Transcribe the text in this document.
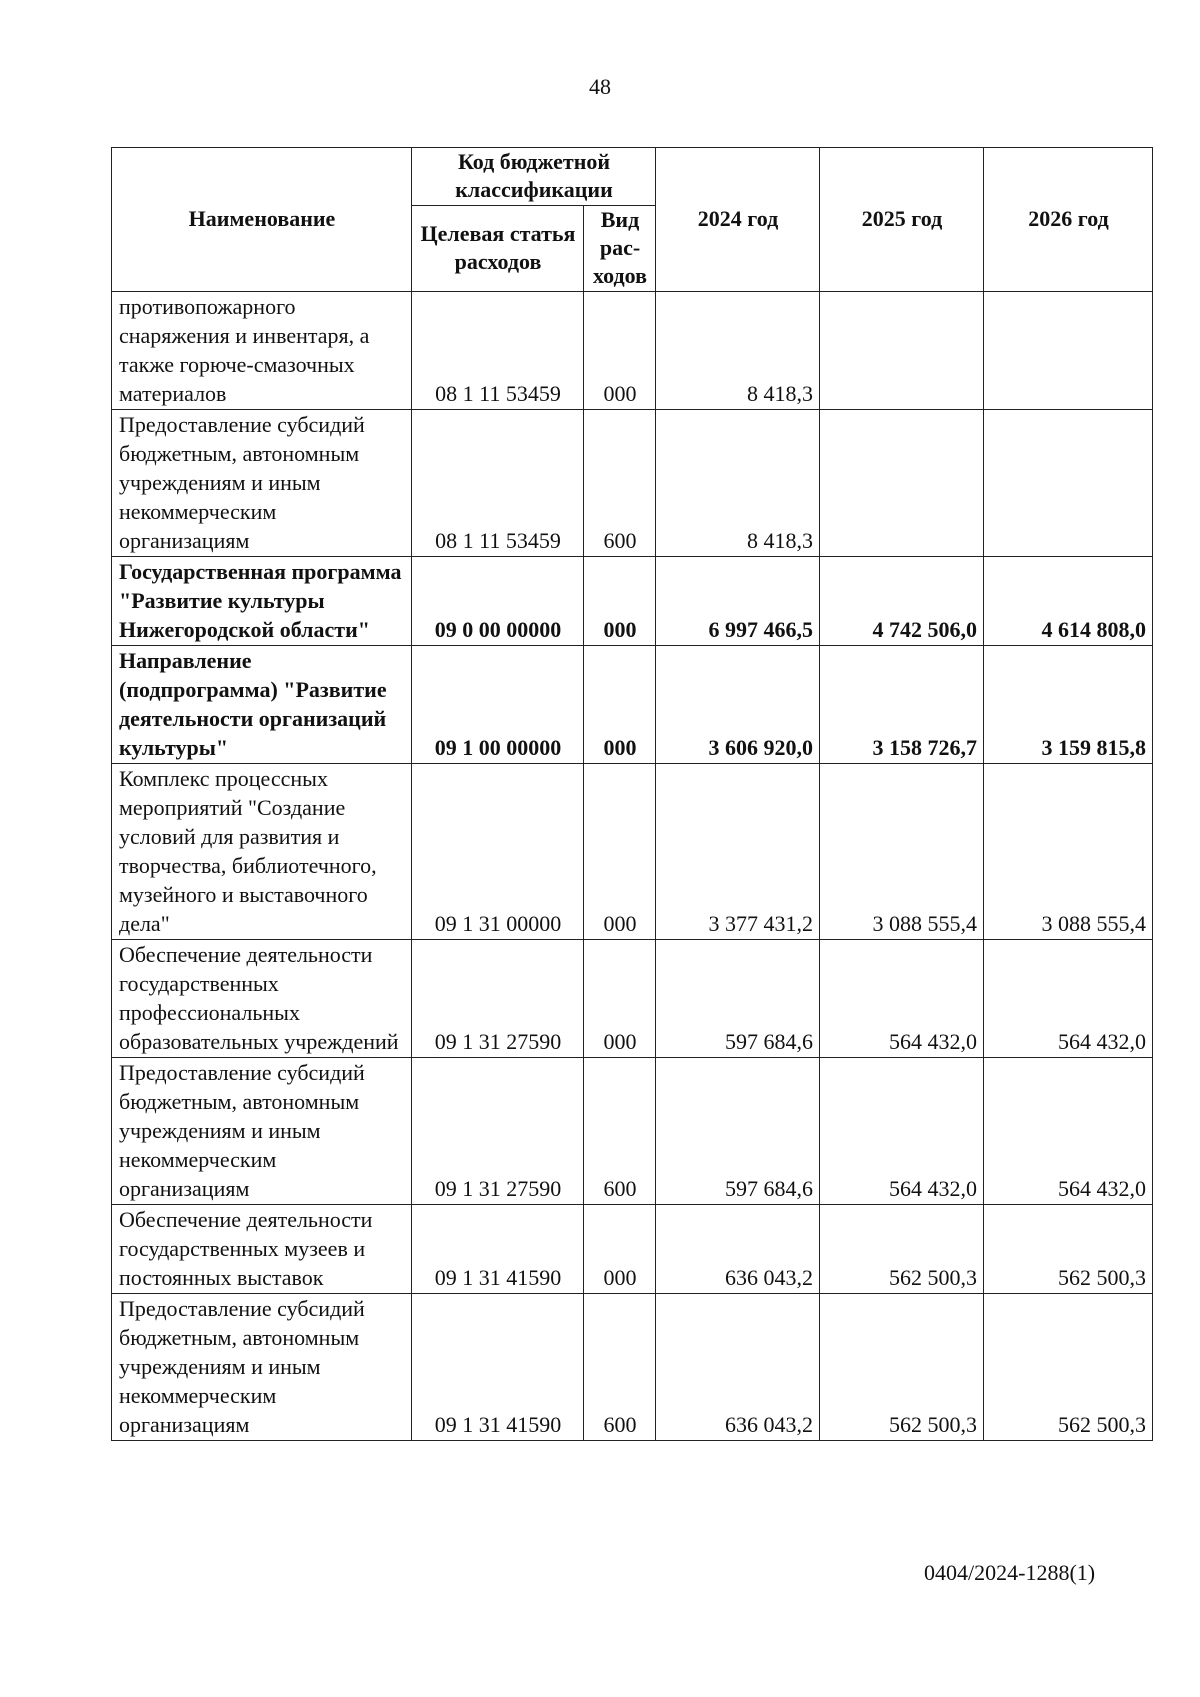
48
Наименование	Код бюджетной классификации		2024 год	2025 год	2026 год
	Целевая статья расходов	Вид рас-ходов			
противопожарного снаряжения и инвентаря, а также горюче-смазочных материалов	08 1 11 53459	000	8 418,3		
Предоставление субсидий бюджетным, автономным учреждениям и иным некоммерческим организациям	08 1 11 53459	600	8 418,3		
Государственная программа "Развитие культуры Нижегородской области"	09 0 00 00000	000	6 997 466,5	4 742 506,0	4 614 808,0
Направление (подпрограмма) "Развитие деятельности организаций культуры"	09 1 00 00000	000	3 606 920,0	3 158 726,7	3 159 815,8
Комплекс процессных мероприятий "Создание условий для развития и творчества, библиотечного, музейного и выставочного дела"	09 1 31 00000	000	3 377 431,2	3 088 555,4	3 088 555,4
Обеспечение деятельности государственных профессиональных образовательных учреждений	09 1 31 27590	000	597 684,6	564 432,0	564 432,0
Предоставление субсидий бюджетным, автономным учреждениям и иным некоммерческим организациям	09 1 31 27590	600	597 684,6	564 432,0	564 432,0
Обеспечение деятельности государственных музеев и постоянных выставок	09 1 31 41590	000	636 043,2	562 500,3	562 500,3
Предоставление субсидий бюджетным, автономным учреждениям и иным некоммерческим организациям	09 1 31 41590	600	636 043,2	562 500,3	562 500,3
0404/2024-1288(1)
